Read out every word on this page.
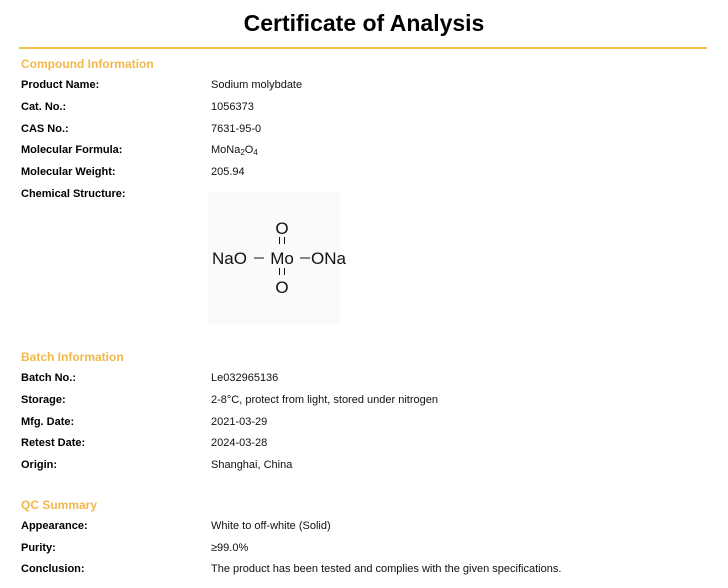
Certificate of Analysis
Compound Information
Product Name:	Sodium molybdate
Cat. No.:	1056373
CAS No.:	7631-95-0
Molecular Formula:	$MoNa_2O_4$
Molecular Weight:	205.94
Chemical Structure:
O
NaO Mo ONa
O
Batch Information
Batch No.:	Le032965136
Storage:	2-8°C, protect from light, stored under nitrogen
Mfg. Date:	2021-03-29
Retest Date:	2024-03-28
Origin:	Shanghai, China
QC Summary
Appearance:	White to off-white (Solid)
Purity:	≥99.0%
Conclusion:	The product has been tested and complies with the given specifications.
